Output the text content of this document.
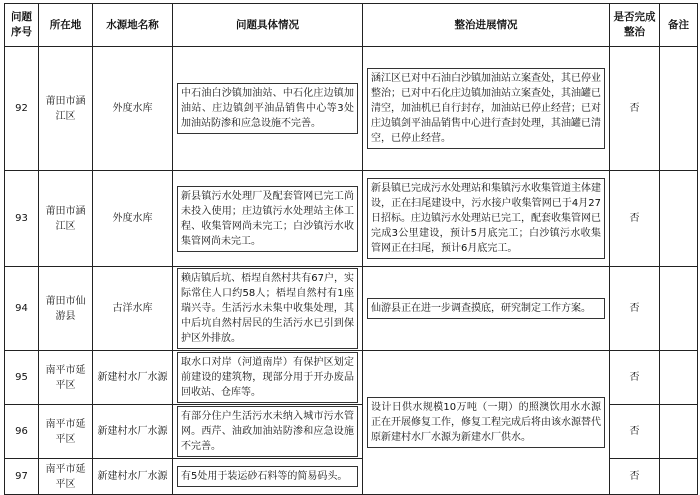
问题序号	所在地	水源地名称	问题具体情况	整治进展情况	是否完成整治	备注
92	莆田市涵江区	外度水库	中石油白沙镇加油站、中石化庄边镇加油站、庄边镇剑平油品销售中心等3处加油站防渗和应急设施不完善。	涵江区已对中石油白沙镇加油站立案查处，其已停业整治；已对中石化庄边镇加油站立案查处，其油罐已清空，加油机已自行封存，加油站已停止经营；已对庄边镇剑平油品销售中心进行查封处理，其油罐已清空，已停止经营。	否	
93	莆田市涵江区	外度水库	新县镇污水处理厂及配套管网已完工尚未投入使用；庄边镇污水处理站主体工程、收集管网尚未完工；白沙镇污水收集管网尚未完工。	新县镇已完成污水处理站和集镇污水收集管道主体建设，正在扫尾建设中，污水接户收集管网已于4月27日招标。庄边镇污水处理站已完工，配套收集管网已完成3公里建设，预计5月底完工；白沙镇污水收集管网正在扫尾，预计6月底完工。	否	
94	莆田市仙游县	古洋水库	赖店镇后坑、梧埕自然村共有67户，实际常住人口约58人；梧埕自然村有1座瑞兴寺。生活污水未集中收集处理，其中后坑自然村居民的生活污水已引到保护区外排放。	仙游县正在进一步调查摸底，研究制定工作方案。	否	
95	南平市延平区	新建村水厂水源	取水口对岸（河道南岸）有保护区划定前建设的建筑物，现部分用于开办废品回收站、仓库等。	设计日供水规模10万吨（一期）的照澳饮用水水源正在开展修复工作，修复工程完成后将由该水源替代原新建村水厂水源为新建水厂供水。	否	
96	南平市延平区	新建村水厂水源	有部分住户生活污水未纳入城市污水管网。西芹、油政加油站防渗和应急设施不完善。		否	
97	南平市延平区	新建村水厂水源	有5处用于装运砂石料等的简易码头。		否	
